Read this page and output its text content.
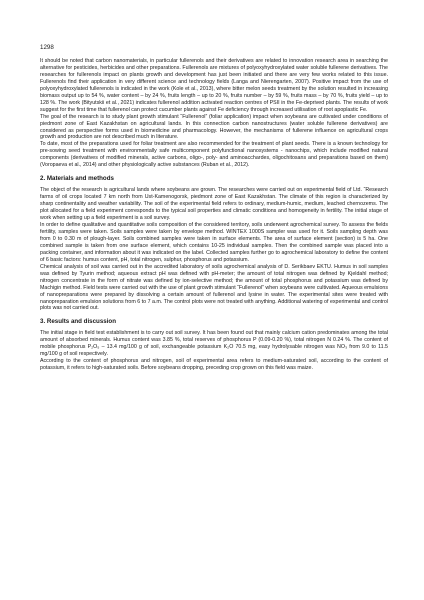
1298

It should be noted that carbon nanomaterials, in particular fullerenols and their derivatives are related to innovation research area in searching the alternative for pesticides, herbicides and other preparations. Fullerenols are mixtures of polyoxyhydroxylated water soluble fullerene derivatives. The researches for fullerenols impact on plants growth and development has just been initiated and there are very few works related to this issue. Fullerenols find their application in very different science and technology fields (Langa and Nierengarten, 2007). Positive impact from the use of polyoxyhydroxylated fullerenols is indicated in the work (Kole et al., 2013), where bitter melon seeds treatment by the solution resulted in increasing biomass output up to 54 %, water content – by 24 %, fruits length – up to 20 %, fruits number – by 59 %, fruits mass – by 70 %, fruits yield – up to 128 %. The work (Bityutskii et al., 2021) indicates fullerenol addition activated reaction centres of PSII in the Fe-deprived plants. The results of work suggest for the first time that fullerenol can protect cucumber plants against Fe deficiency through increased utilisation of root apoplastic Fe.

The goal of the research is to study plant growth stimulant “Fullerenol” (foliar application) impact when soybeans are cultivated under conditions of piedmont zone of East Kazakhstan on agricultural lands. In this connection carbon nanostructures (water soluble fullerene derivatives) are considered as perspective forms used in biomedicine and pharmacology. However, the mechanisms of fullerene influence on agricultural crops growth and production are not described much in literature.

To date, most of the preparations used for foliar treatment are also recommended for the treatment of plant seeds. There is a known technology for pre-sowing seed treatment with environmentally safe multicomponent polyfunctional nanosystems - nanochips, which include modified natural components (derivatives of modified minerals, active carbons, oligo-, poly- and aminoacchardes, oligochitosans and preparations based on them) (Voropaeva et al., 2014) and other physiologically active substances (Ruban et al., 2012).

2. Materials and methods

The object of the research is agricultural lands where soybeans are grown. The researches were carried out on experimental field of Ltd. “Research farms of oil crops located 7 km north from Ust-Kamenogorsk, piedmont zone of East Kazakhstan. The climate of this region is characterized by sharp continentality and weather variability. The soil of the experimental field refers to ordinary, medium-humic, medium, leached chernozems. The plot allocated for a field experiment corresponds to the typical soil properties and climatic conditions and homogeneity in fertility. The initial stage of work when setting up a field experiment is a soil survey.

In order to define qualitative and quantitative soils composition of the considered territory, soils underwent agrochemical survey. To assess the fields fertility, samples were taken. Soils samples were taken by envelope method. WINTEX 1000S sampler was used for it. Soils sampling depth was from 0 to 0.30 m of plough-layer. Soils combined samples were taken in surface elements. The area of surface element (section) is 5 ha. One combined sample is taken from one surface element, which contains 10-25 individual samples. Then the combined sample was placed into a packing container, and information about it was indicated on the label. Collected samples further go to agrochemical laboratory to define the content of 6 basic factors: humus content, pH, total nitrogen, sulphur, phosphorus and potassium.

Chemical analysis of soil was carried out in the accredited laboratory of soils agrochemical analysis of D. Serikbaev EKTU. Humus in soil samples was defined by Tyurin method; aqueous extract pH was defined with pH-meter; the amount of total nitrogen was defined by Kjeldahl method; nitrogen concentrate in the form of nitrate was defined by ion-selective method; the amount of total phosphorus and potassium was defined by Machigin method. Field tests were carried out with the use of plant growth stimulant “Fullerenol” when soybeans were cultivated. Aqueous emulsions of nanopreparations were prepared by dissolving a certain amount of fullerenol and lysine in water. The experimental sites were treated with nanopreparation emulsion solutions from 6 to 7 a.m. The control plots were not treated with anything. Additional watering of experimental and control plots was not carried out.

3. Results and discussion

The initial stage in field test establishment is to carry out soil survey. It has been found out that mainly calcium cation predominates among the total amount of absorbed minerals. Humus content was 3.85 %, total reserves of phosphorus P (0.09-0.20 %), total nitrogen N 0.24 %. The content of mobile phosphorus P₂O₅ – 13.4 mg/100 g of soil, exchangeable potassium K₂O 70.5 mg, easy hydrolysable nitrogen was NO₃ from 9.0 to 11.5 mg/100 g of soil respectively.

According to the content of phosphorus and nitrogen, soil of experimental area refers to medium-saturated soil, according to the content of potassium, it refers to high-saturated soils. Before soybeans dropping, preceding crop grown on this field was maize.
